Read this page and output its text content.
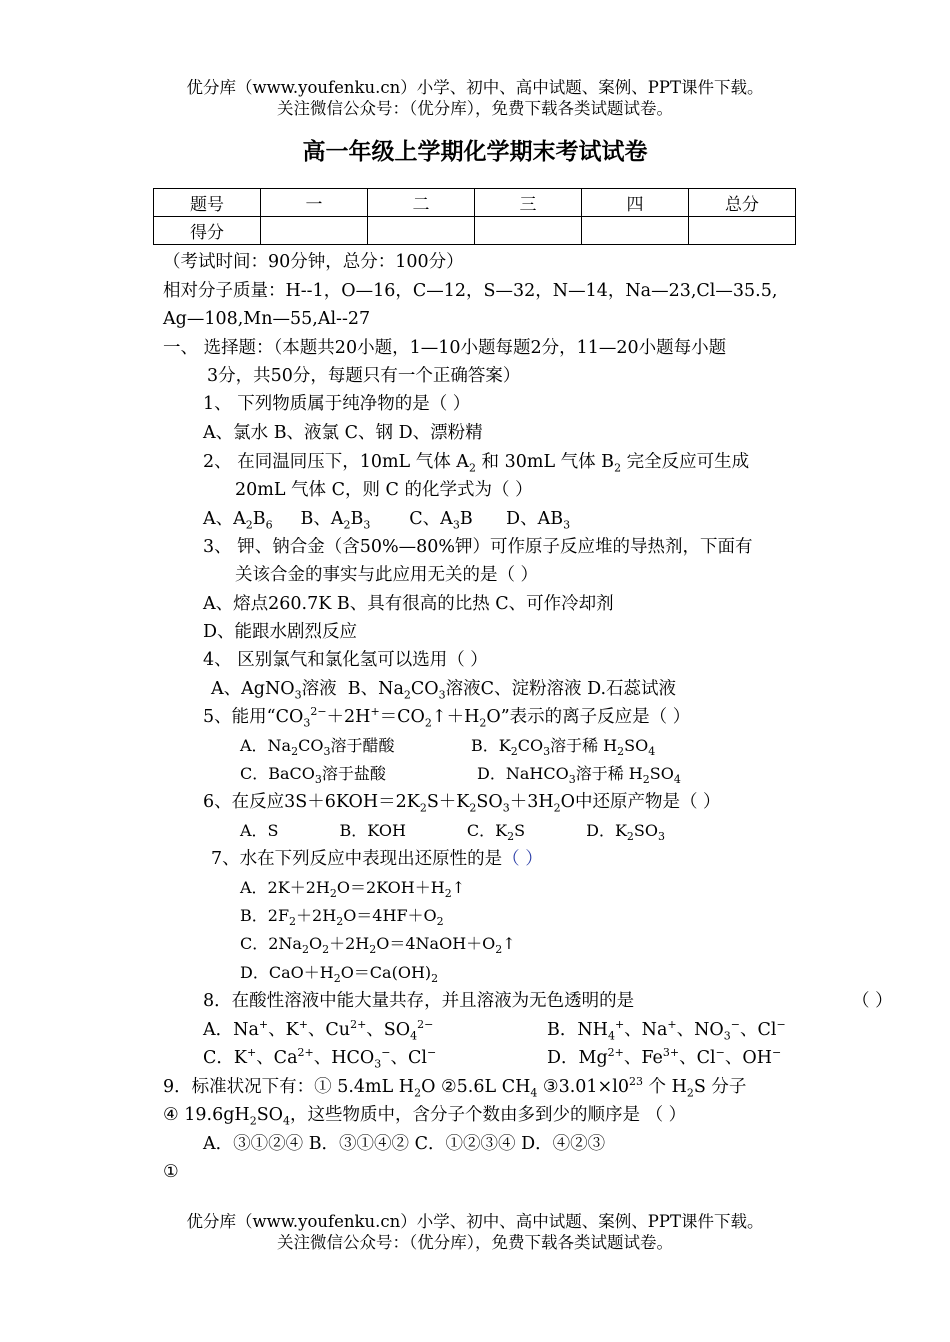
优分库（www.youfenku.cn）小学、初中、高中试题、案例、PPT课件下载。
关注微信公众号：（优分库），免费下载各类试题试卷。
高一年级上学期化学期末考试试卷
题号	一	二	三	四	总分
得分					
（考试时间：90分钟，总分：100分）
相对分子质量：H--1，O—16，C—12，S—32，N—14，Na—23,Cl—35.5,
Ag—108,Mn—55,Al--27
一、 选择题：（本题共20小题，1—10小题每题2分，11—20小题每小题
3分，共50分，每题只有一个正确答案）
1、 下列物质属于纯净物的是（ ）
A、氯水 B、液氯 C、钢 D、漂粉精
2、 在同温同压下，10mL 气体 $A_2$ 和 30mL 气体 $B_2$ 完全反应可生成
20mL 气体 C，则 C 的化学式为（ ）
A、$A_2B_6$     B、$A_2B_3$       C、$A_3B$      D、$AB_3$
3、 钾、钠合金（含50%—80%钾）可作原子反应堆的导热剂，下面有
关该合金的事实与此应用无关的是（ ）
A、熔点260.7K B、具有很高的比热 C、可作冷却剂
D、能跟水剧烈反应
4、 区别氯气和氯化氢可以选用（ ）
A、AgNO$_3$溶液  B、$Na_2CO_3$溶液C、淀粉溶液 D.石蕊试液
5、能用“$CO_3^{2-}+2H^+=CO_2↑+H_2O$”表示的离子反应是（ ）
A．$Na_2CO_3$溶于醋酸	B．$K_2CO_3$溶于稀 $H_2SO_4$
C．BaCO$_3$溶于盐酸	D．NaHCO$_3$溶于稀 $H_2SO_4$
6、在反应$3S+6KOH=2K_2S+K_2SO_3+3H_2O$中还原产物是（ ）
A．S            B．KOH            C．$K_2S$            D．$K_2SO_3$
7、水在下列反应中表现出还原性的是（ ）
A．$2K+2H_2O=2KOH+H_2↑$
B．$2F_2+2H_2O=4HF+O_2$
C．$2Na_2O_2+2H_2O=4NaOH+O_2↑$
D．$CaO+H_2O=Ca(OH)_2$
8．在酸性溶液中能大量共存，并且溶液为无色透明的是	（ ）
A．Na+、K+、$Cu^{2+}$、$SO_4^{2-}$	B．$NH_4^+$、Na+、$NO_3^-$、Cl−
C．K+、$Ca^{2+}$、$HCO_3^-$、Cl−	D．$Mg^{2+}$、$Fe^{3+}$、Cl−、OH−
9．标准状况下有：① 5.4mL $H_2O$ ②5.6L $CH_4$ $③3.01\times l0^{23}$ 个 $H_2S$ 分子
④ $19.6gH_2SO_4$，这些物质中，含分子个数由多到少的顺序是 （ ）
A．③①②④ B．③①④② C．①②③④ D．④②③
①
优分库（www.youfenku.cn）小学、初中、高中试题、案例、PPT课件下载。
关注微信公众号：（优分库），免费下载各类试题试卷。
